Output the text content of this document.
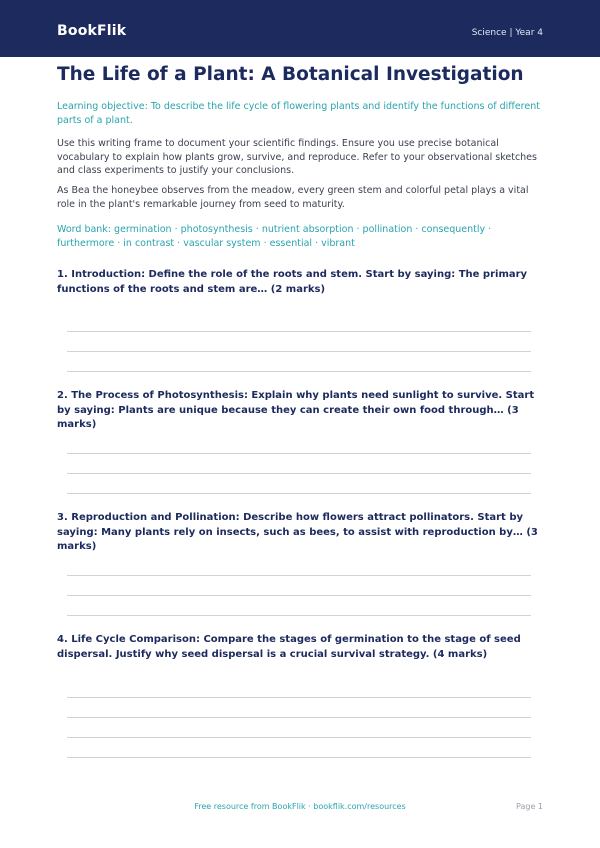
BookFlik	Science | Year 4
The Life of a Plant: A Botanical Investigation

Learning objective: To describe the life cycle of flowering plants and identify the functions of different parts of a plant.

Use this writing frame to document your scientific findings. Ensure you use precise botanical vocabulary to explain how plants grow, survive, and reproduce. Refer to your observational sketches and class experiments to justify your conclusions.

As Bea the honeybee observes from the meadow, every green stem and colorful petal plays a vital role in the plant's remarkable journey from seed to maturity.

Word bank: germination · photosynthesis · nutrient absorption · pollination · consequently · furthermore · in contrast · vascular system · essential · vibrant

1. Introduction: Define the role of the roots and stem. Start by saying: The primary functions of the roots and stem are… (2 marks)

2. The Process of Photosynthesis: Explain why plants need sunlight to survive. Start by saying: Plants are unique because they can create their own food through… (3 marks)

3. Reproduction and Pollination: Describe how flowers attract pollinators. Start by saying: Many plants rely on insects, such as bees, to assist with reproduction by… (3 marks)

4. Life Cycle Comparison: Compare the stages of germination to the stage of seed dispersal. Justify why seed dispersal is a crucial survival strategy. (4 marks)

Free resource from BookFlik · bookflik.com/resources	Page 1
